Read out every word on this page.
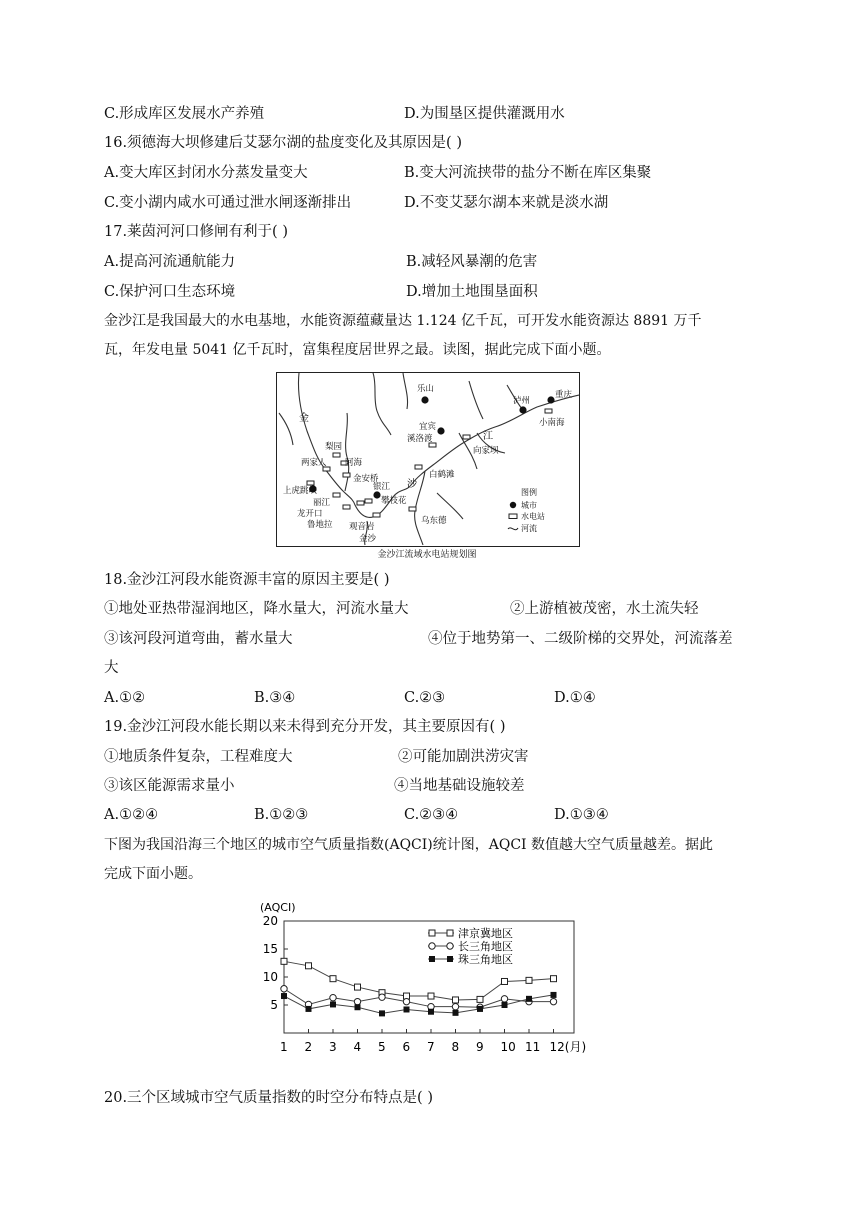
C.形成库区发展水产养殖	D.为围垦区提供灌溉用水
16.须德海大坝修建后艾瑟尔湖的盐度变化及其原因是( )
A.变大库区封闭水分蒸发量变大	B.变大河流挟带的盐分不断在库区集聚
C.变小湖内咸水可通过泄水闸逐渐排出	D.不变艾瑟尔湖本来就是淡水湖
17.莱茵河河口修闸有利于( )
A.提高河流通航能力	B.减轻风暴潮的危害
C.保护河口生态环境	D.增加土地围垦面积
金沙江是我国最大的水电基地，水能资源蕴藏量达 1.124 亿千瓦，可开发水能资源达 8891 万千
瓦，年发电量 5041 亿千瓦时，富集程度居世界之最。读图，据此完成下面小题。
乐山
泸州
重庆
小南海
宜宾
溪洛渡
向家坝
白鹤滩
乌东德
梨园
两家人 阿海
金安桥
上虎跳峡
丽江
龙开口
鲁地拉
银江
攀枝花
观音岩
金沙
金
江
沙
图例
城市
水电站
河流
金沙江流域水电站规划图
18.金沙江河段水能资源丰富的原因主要是( )
①地处亚热带湿润地区，降水量大，河流水量大	②上游植被茂密，水土流失轻
③该河段河道弯曲，蓄水量大	④位于地势第一、二级阶梯的交界处，河流落差
大
A.①②	B.③④	C.②③	D.①④
19.金沙江河段水能长期以来未得到充分开发，其主要原因有( )
①地质条件复杂，工程难度大	②可能加剧洪涝灾害
③该区能源需求量小	④当地基础设施较差
A.①②④	B.①②③	C.②③④	D.①③④
下图为我国沿海三个地区的城市空气质量指数(AQCI)统计图，AQCI 数值越大空气质量越差。据此
完成下面小题。
(AQCI)
5
10
15
20
1 2 3 4 5 6 7 8 9 10 11 12(月)
津京冀地区
长三角地区
珠三角地区
20.三个区域城市空气质量指数的时空分布特点是( )
